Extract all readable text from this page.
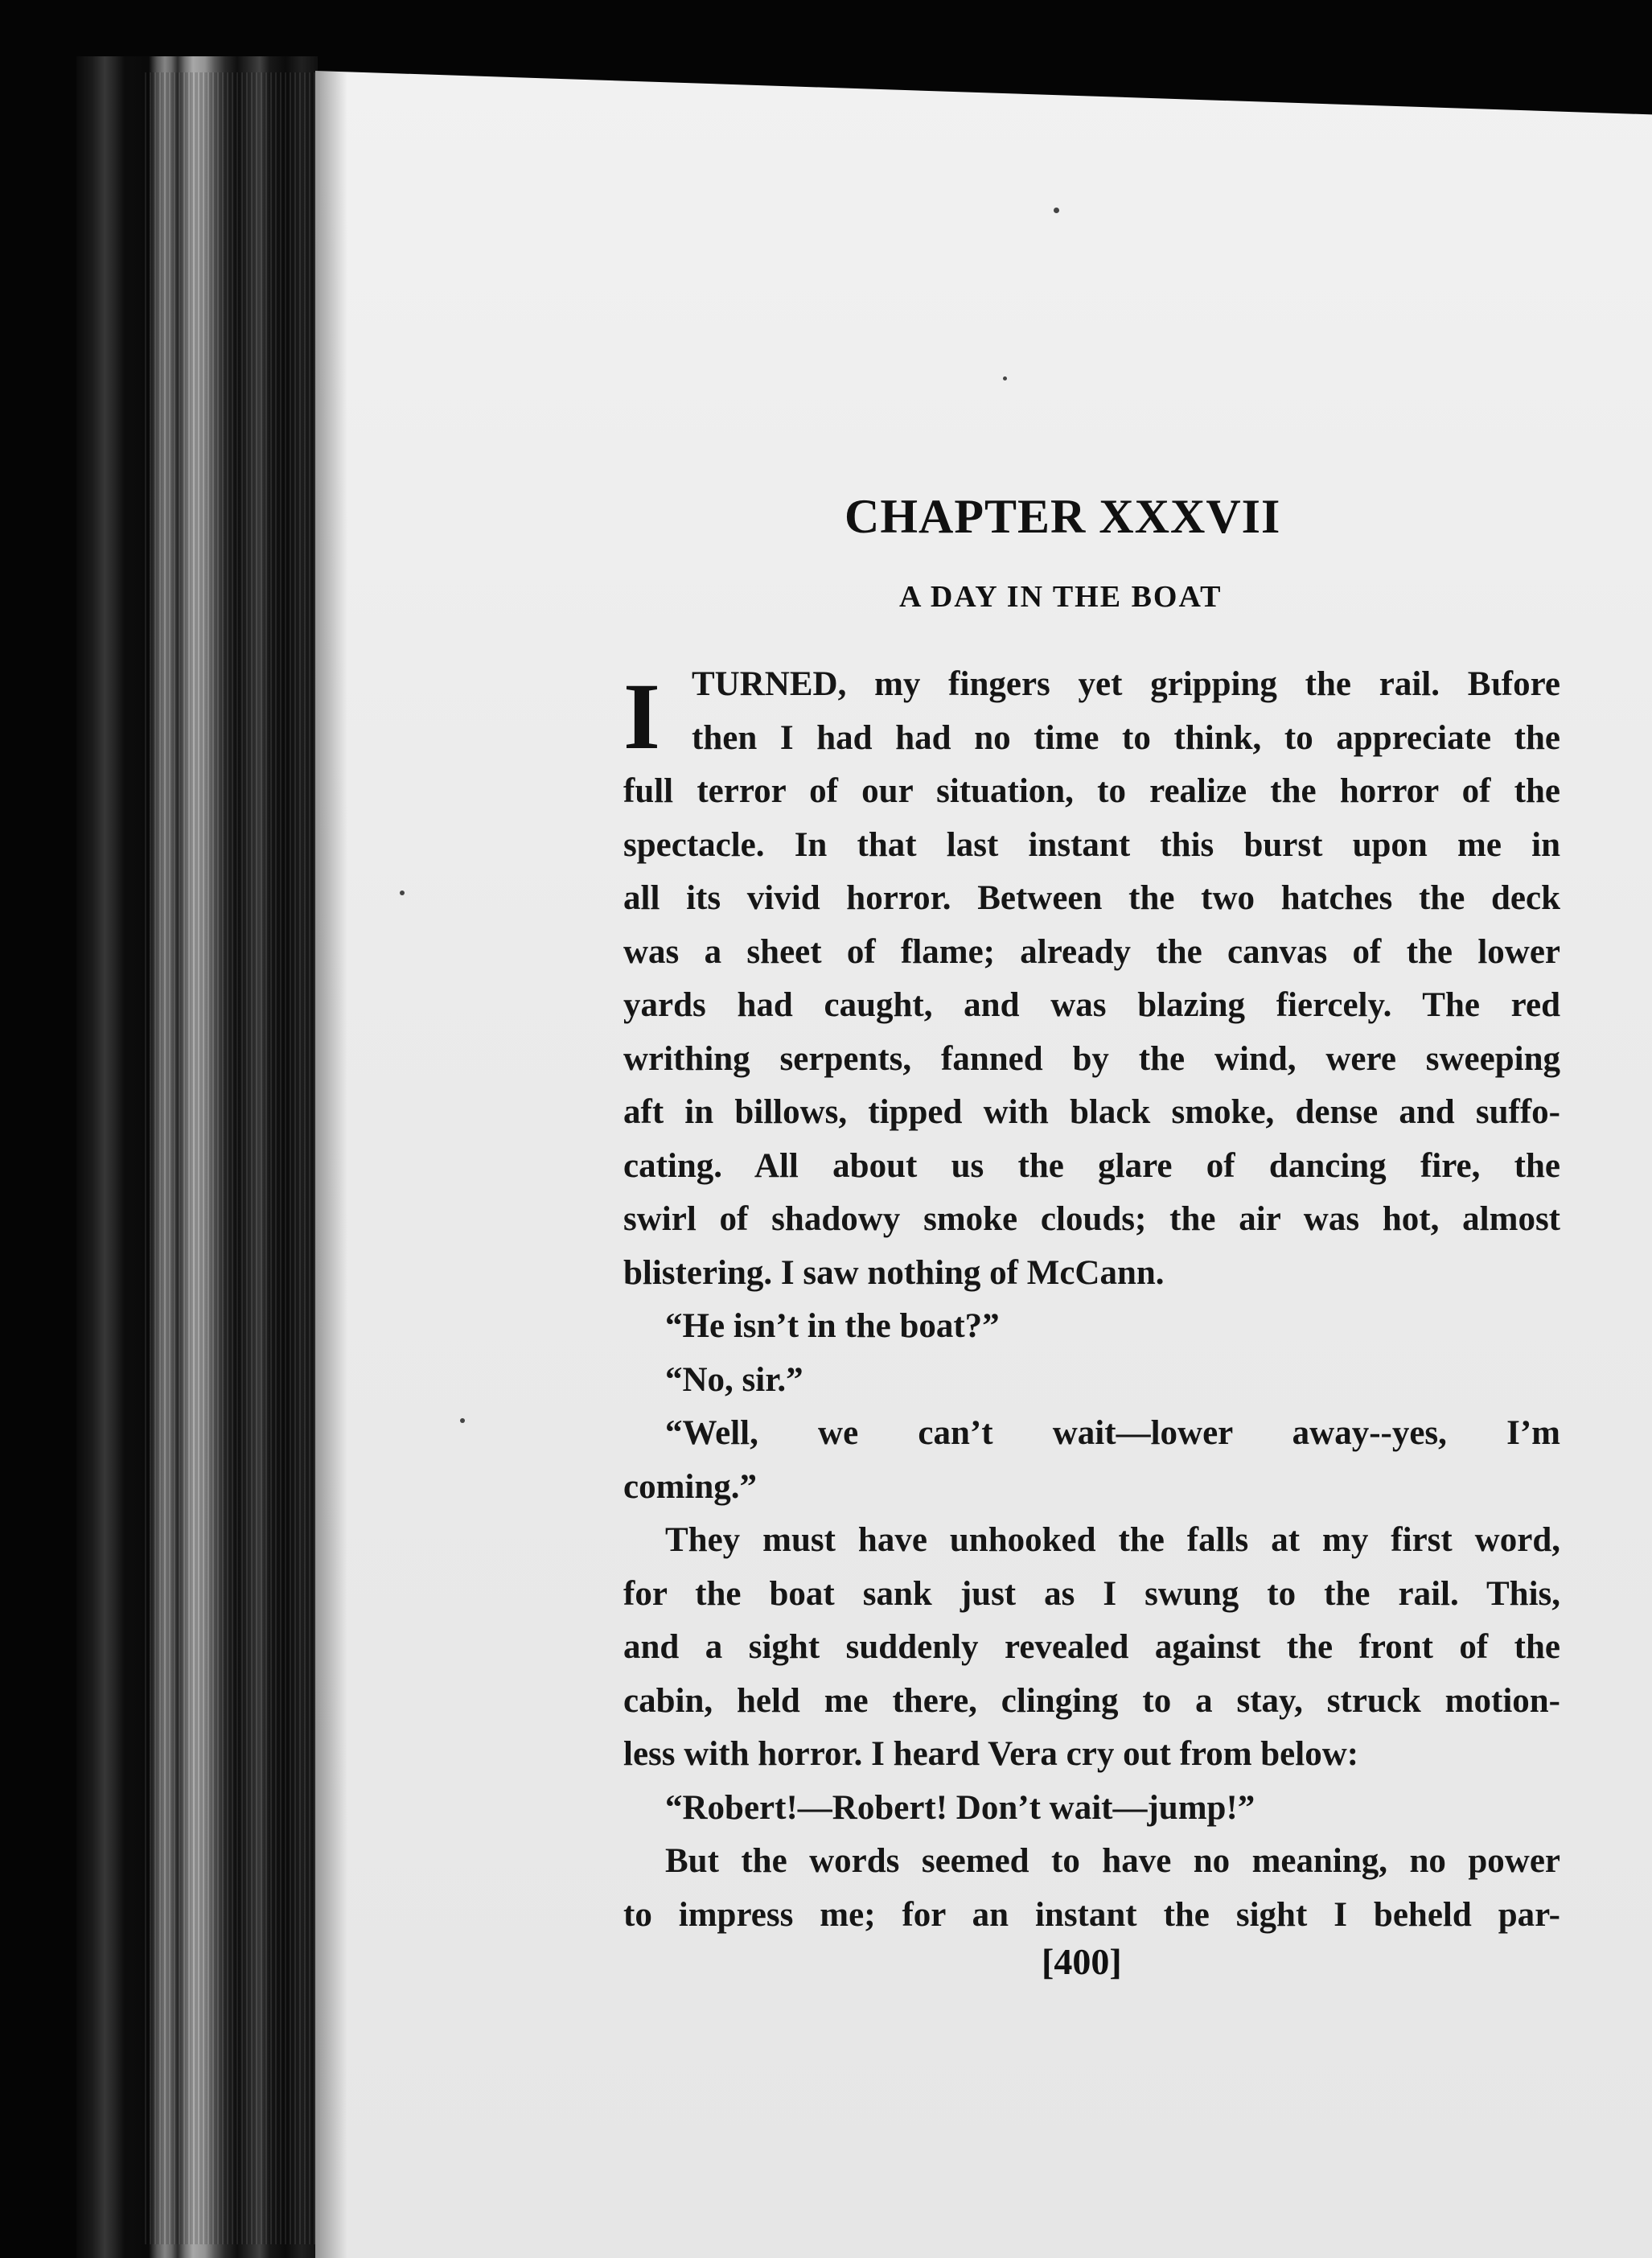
CHAPTER XXXVII
A DAY IN THE BOAT
I TURNED, my fingers yet gripping the rail. Bɩfore
then I had had no time to think, to appreciate the
full terror of our situation, to realize the horror of the
spectacle. In that last instant this burst upon me in
all its vivid horror. Between the two hatches the deck
was a sheet of flame; already the canvas of the lower
yards had caught, and was blazing fiercely. The red
writhing serpents, fanned by the wind, were sweeping
aft in billows, tipped with black smoke, dense and suffo-
cating. All about us the glare of dancing fire, the
swirl of shadowy smoke clouds; the air was hot, almost
blistering. I saw nothing of McCann.
“He isn’t in the boat?”
“No, sir.”
“Well, we can’t wait—lower away--yes, I’m
coming.”
They must have unhooked the falls at my first word,
for the boat sank just as I swung to the rail. This,
and a sight suddenly revealed against the front of the
cabin, held me there, clinging to a stay, struck motion-
less with horror. I heard Vera cry out from below:
“Robert!—Robert! Don’t wait—jump!”
But the words seemed to have no meaning, no power
to impress me; for an instant the sight I beheld par-
[400]
